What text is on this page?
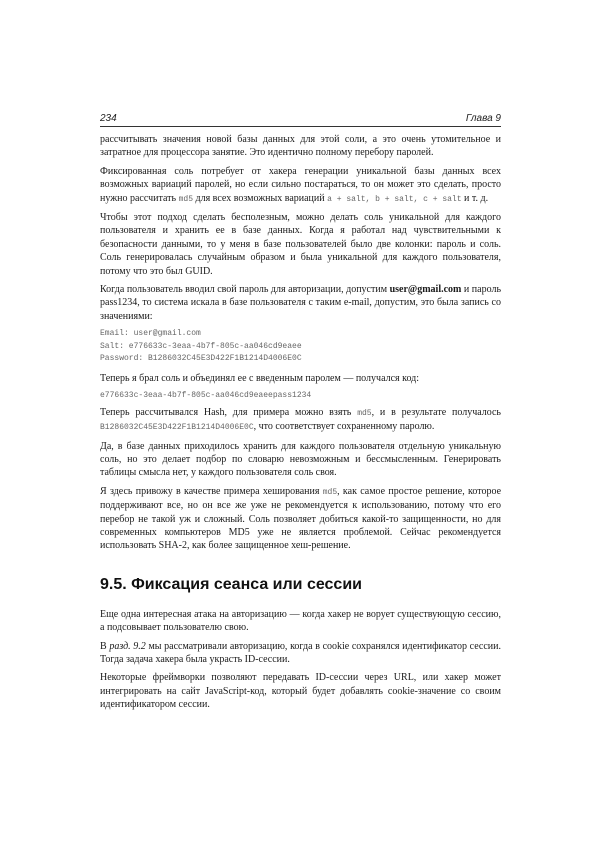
234	Глава 9

рассчитывать значения новой базы данных для этой соли, а это очень утомительное и затратное для процессора занятие. Это идентично полному перебору паролей.

Фиксированная соль потребует от хакера генерации уникальной базы данных всех возможных вариаций паролей, но если сильно постараться, то он может это сделать, просто нужно рассчитать md5 для всех возможных вариаций a + salt, b + salt, c + salt и т. д.

Чтобы этот подход сделать бесполезным, можно делать соль уникальной для каждого пользователя и хранить ее в базе данных. Когда я работал над чувствительными к безопасности данными, то у меня в базе пользователей было две колонки: пароль и соль. Соль генерировалась случайным образом и была уникальной для каждого пользователя, потому что это был GUID.

Когда пользователь вводил свой пароль для авторизации, допустим user@gmail.com и пароль pass1234, то система искала в базе пользователя с таким e-mail, допустим, это была запись со значениями:

Email: user@gmail.com
Salt: e776633c-3eaa-4b7f-805c-aa046cd9eaee
Password: B1286032C45E3D422F1B1214D4006E0C

Теперь я брал соль и объединял ее с введенным паролем — получался код:

e776633c-3eaa-4b7f-805c-aa046cd9eaeepass1234

Теперь рассчитывался Hash, для примера можно взять md5, и в результате получалось B1286032C45E3D422F1B1214D4006E0C, что соответствует сохраненному паролю.

Да, в базе данных приходилось хранить для каждого пользователя отдельную уникальную соль, но это делает подбор по словарю невозможным и бессмысленным. Генерировать таблицы смысла нет, у каждого пользователя соль своя.

Я здесь привожу в качестве примера хеширования md5, как самое простое решение, которое поддерживают все, но он все же уже не рекомендуется к использованию, потому что его перебор не такой уж и сложный. Соль позволяет добиться какой-то защищенности, но для современных компьютеров MD5 уже не является проблемой. Сейчас рекомендуется использовать SHA-2, как более защищенное хеш-решение.

9.5. Фиксация сеанса или сессии

Еще одна интересная атака на авторизацию — когда хакер не ворует существующую сессию, а подсовывает пользователю свою.

В разд. 9.2 мы рассматривали авторизацию, когда в cookie сохранялся идентификатор сессии. Тогда задача хакера была украсть ID-сессии.

Некоторые фреймворки позволяют передавать ID-сессии через URL, или хакер может интегрировать на сайт JavaScript-код, который будет добавлять cookie-значение со своим идентификатором сессии.
